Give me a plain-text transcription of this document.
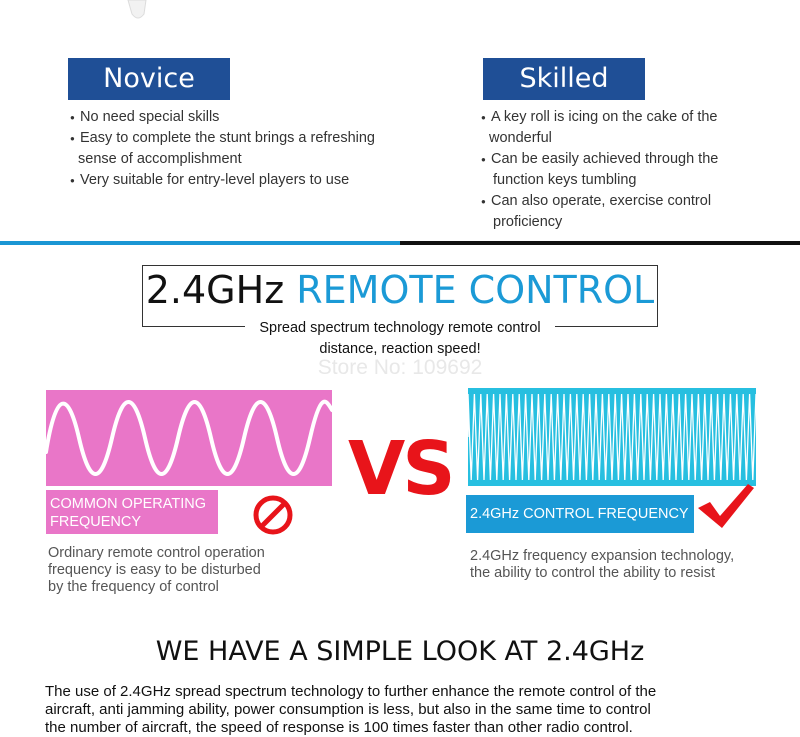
Novice
● No need special skills
● Easy to complete the stunt brings a refreshing
sense of accomplishment
● Very suitable for entry-level players to use
Skilled
● A key roll is icing on the cake of the
wonderful
● Can be easily achieved through the
function keys tumbling
● Can also operate, exercise control
proficiency
2.4GHz REMOTE CONTROL
Spread spectrum technology remote control
distance, reaction speed!
Store No: 109692
COMMON OPERATING
FREQUENCY
Ordinary remote control operation
frequency is easy to be disturbed
by the frequency of control
VS
2.4GHz CONTROL FREQUENCY
2.4GHz frequency expansion technology,
the ability to control the ability to resist
WE HAVE A SIMPLE LOOK AT 2.4GHz
The use of 2.4GHz spread spectrum technology to further enhance the remote control of the
aircraft, anti jamming ability, power consumption is less, but also in the same time to control
the number of aircraft, the speed of response is 100 times faster than other radio control.
